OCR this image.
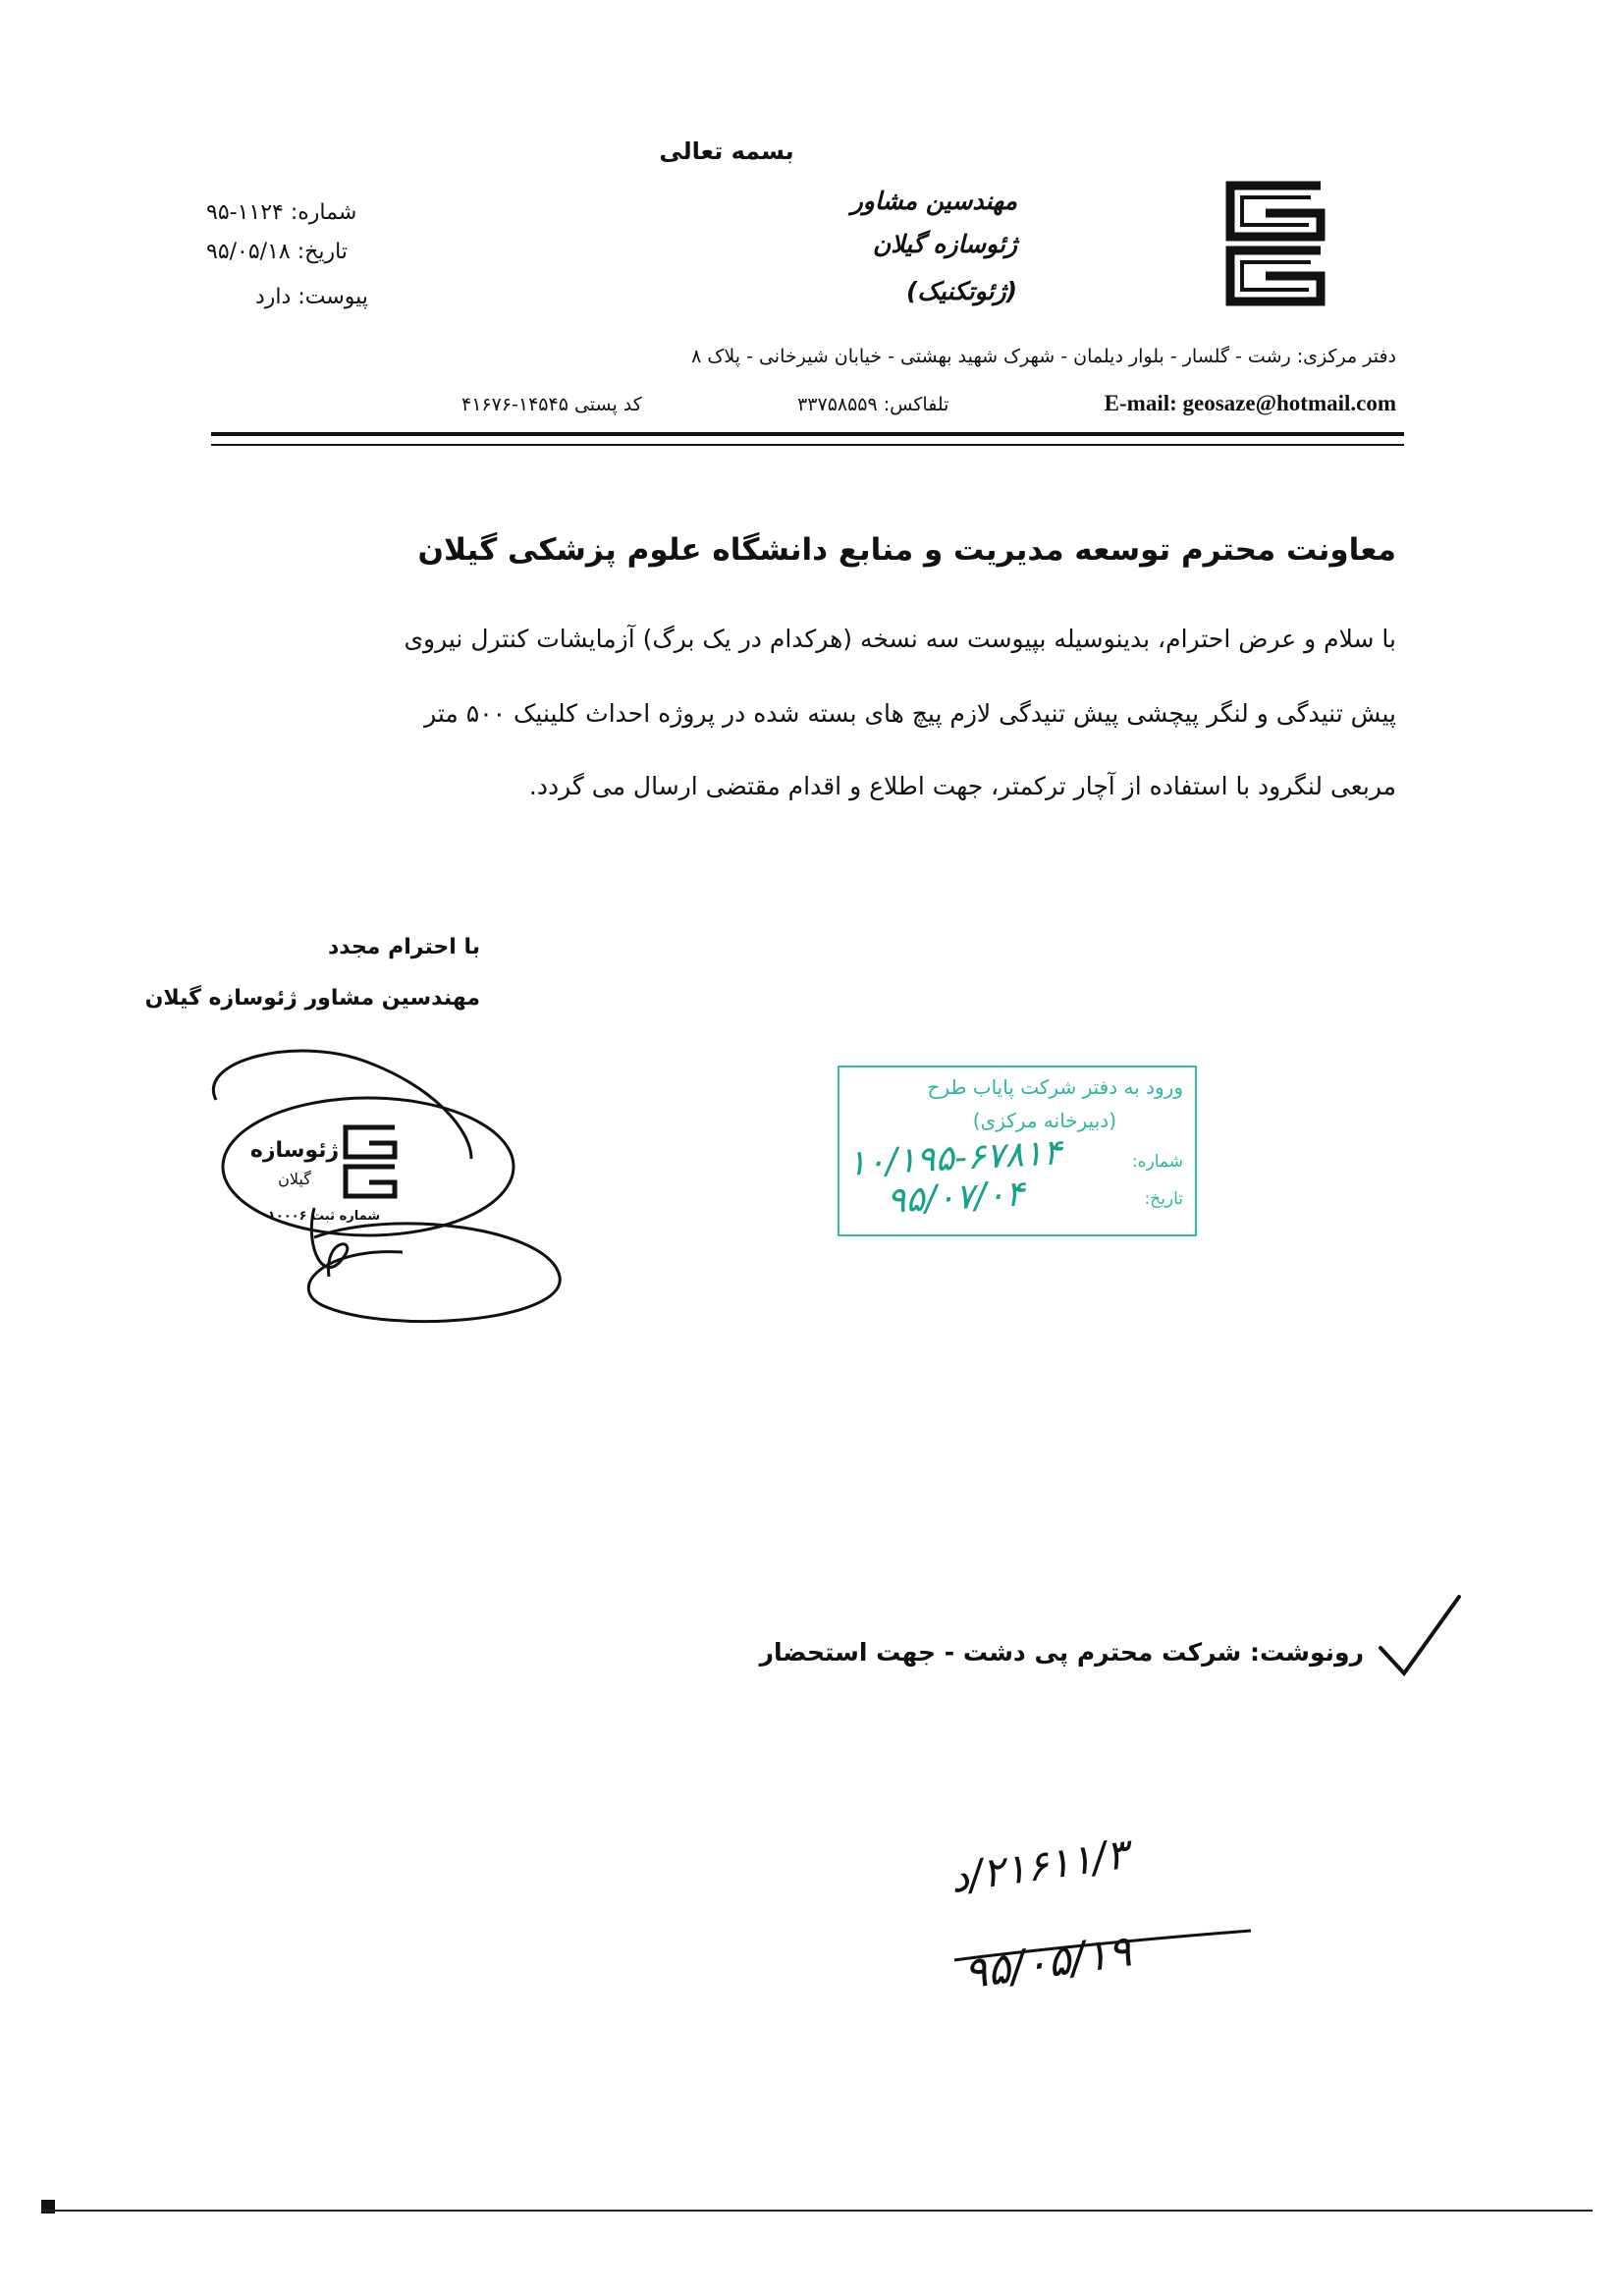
بسمه تعالی
شماره: ۱۱۲۴-۹۵
تاریخ: ۹۵/۰۵/۱۸
پیوست: دارد
مهندسین مشاور
ژئوسازه گیلان
(ژئوتکنیک)
دفتر مرکزی: رشت - گلسار - بلوار دیلمان - شهرک شهید بهشتی - خیابان شیرخانی - پلاک ۸
کد پستی ۱۴۵۴۵-۴۱۶۷۶	تلفاکس: ۳۳۷۵۸۵۵۹	E-mail: geosaze@hotmail.com
معاونت محترم توسعه مدیریت و منابع دانشگاه علوم پزشکی گیلان
با سلام و عرض احترام، بدینوسیله بپیوست سه نسخه (هرکدام در یک برگ) آزمایشات کنترل نیروی
پیش تنیدگی و لنگر پیچشی پیش تنیدگی لازم پیچ های بسته شده در پروژه احداث کلینیک ۵۰۰ متر
مربعی لنگرود با استفاده از آچار ترکمتر، جهت اطلاع و اقدام مقتضی ارسال می گردد.
با احترام مجدد
مهندسین مشاور ژئوسازه گیلان
ژئوسازه
گیلان
شماره ثبت ۱۰۰۰۶
ورود به دفتر شرکت پایاب طرح
(دبیرخانه مرکزی)
شماره:
۱۰/۱۹۵-۶۷۸۱۴
تاریخ:
۹۵/۰۷/۰۴
رونوشت: شرکت محترم پی دشت - جهت استحضار
۲۱۶۱۱/۳/د
۹۵/۰۵/۱۹
